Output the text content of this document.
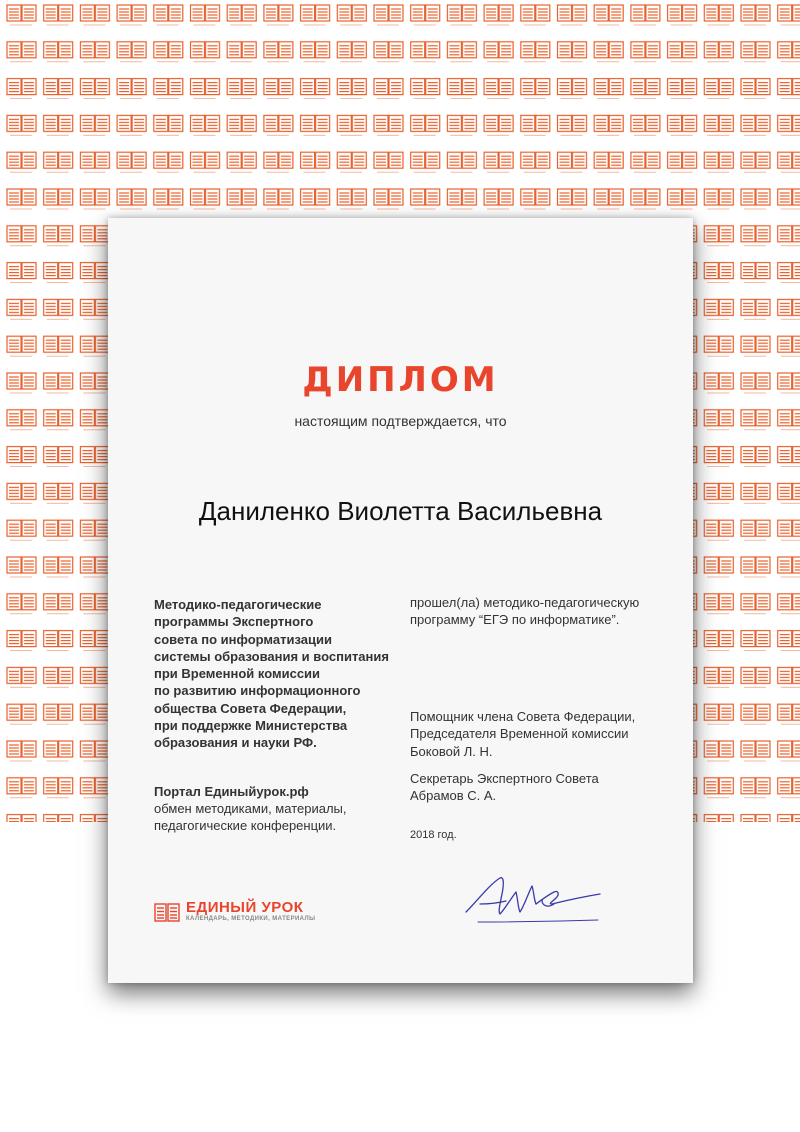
ДИПЛОМ
настоящим подтверждается, что
Даниленко Виолетта Васильевна

Методико-педагогические

программы Экспертного

совета по информатизации

системы образования и воспитания

при Временной комиссии

по развитию информационного

общества Совета Федерации,

при поддержке Министерства

образования и науки РФ.

Портал Единыйурок.рф

обмен методиками, материалы,

педагогические конференции.

прошел(ла) методико-педагогическую

программу “ЕГЭ по информатике”.

Помощник члена Совета Федерации,

Председателя Временной комиссии

Боковой Л. Н.

Секретарь Экспертного Совета

Абрамов С. А.

2018 год.
ЕДИНЫЙ УРОК
КАЛЕНДАРЬ, МЕТОДИКИ, МАТЕРИАЛЫ
